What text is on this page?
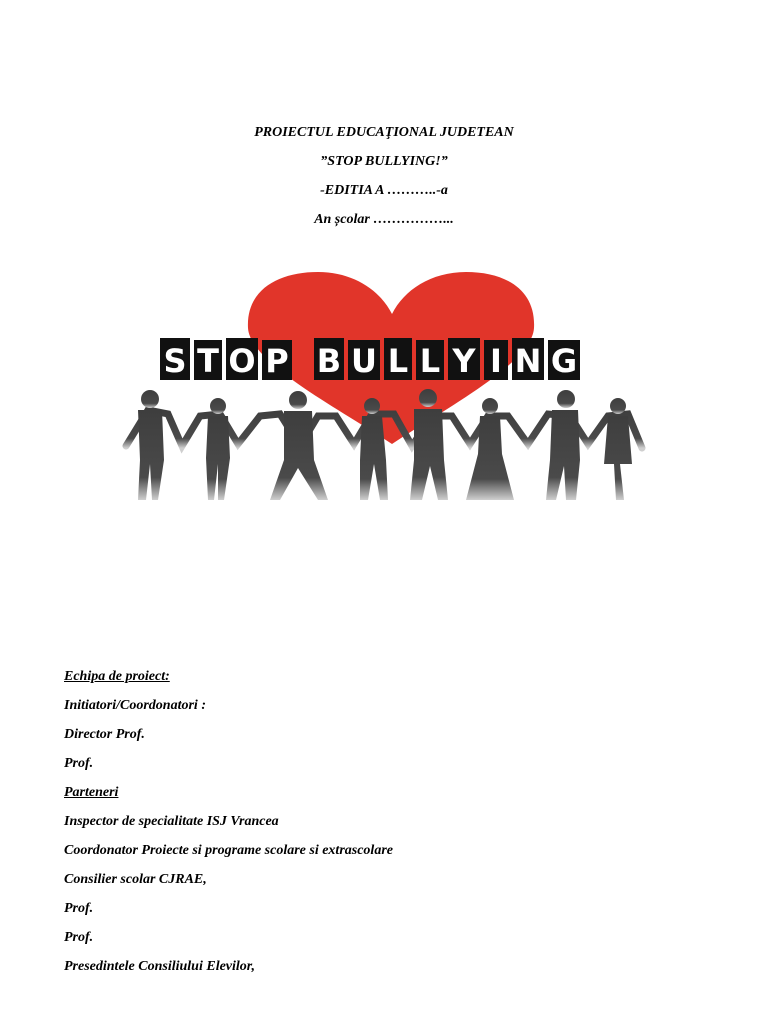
PROIECTUL EDUCAŢIONAL JUDETEAN
”STOP BULLYING!”
-EDITIA A ………..-a
An școlar ……………...
S T O P B U L L Y I N G
Echipa de proiect:
Initiatori/Coordonatori :
Director Prof.
Prof.
Parteneri
Inspector de specialitate ISJ Vrancea
Coordonator Proiecte si programe scolare si extrascolare
Consilier scolar CJRAE,
Prof.
Prof.
Presedintele Consiliului Elevilor,
